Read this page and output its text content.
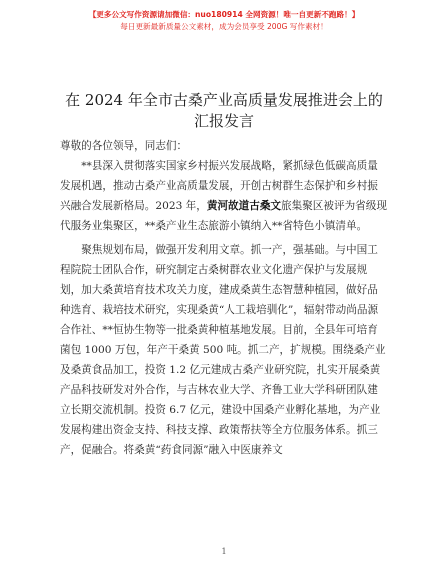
【更多公文写作资源请加微信：nuo180914 全网资源！唯一自更新不跑路！】
每日更新最新质量公文素材，成为会员享受 200G 写作素材！
在 2024 年全市古桑产业高质量发展推进会上的
汇报发言

尊敬的各位领导，同志们：

**县深入贯彻落实国家乡村振兴发展战略，紧抓绿色低碳高质量发展机遇，推动古桑产业高质量发展，开创古树群生态保护和乡村振兴融合发展新格局。2023 年，黄河故道古桑文旅集聚区被评为省级现代服务业集聚区，**桑产业生态旅游小镇纳入**省特色小镇清单。

聚焦规划布局，做强开发利用文章。抓一产，强基础。与中国工程院院士团队合作，研究制定古桑树群农业文化遗产保护与发展规划，加大桑黄培育技术攻关力度，建成桑黄生态智慧种植园，做好品种选育、栽培技术研究，实现桑黄“人工栽培驯化”，辐射带动尚品源合作社、**恒协生物等一批桑黄种植基地发展。目前，全县年可培育菌包 1000 万包，年产干桑黄 500 吨。抓二产，扩规模。围绕桑产业及桑黄食品加工，投资 1.2 亿元建成古桑产业研究院，扎实开展桑黄产品科技研发对外合作，与吉林农业大学、齐鲁工业大学科研团队建立长期交流机制。投资 6.7 亿元，建设中国桑产业孵化基地，为产业发展构建出资金支持、科技支撑、政策帮扶等全方位服务体系。抓三产，促融合。将桑黄“药食同源”融入中医康养文

1
